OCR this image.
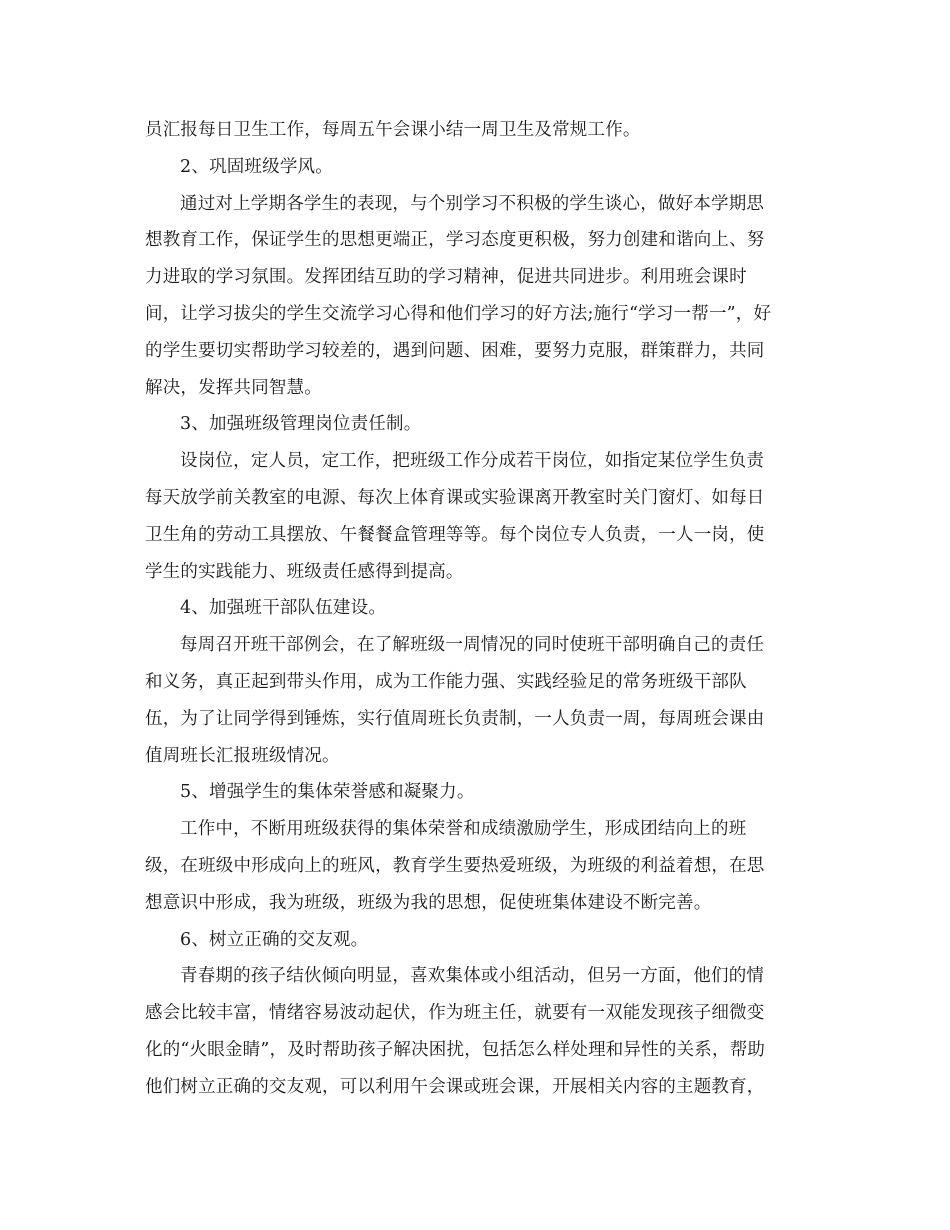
员汇报每日卫生工作，每周五午会课小结一周卫生及常规工作。
2、巩固班级学风。
通过对上学期各学生的表现，与个别学习不积极的学生谈心，做好本学期思
想教育工作，保证学生的思想更端正，学习态度更积极，努力创建和谐向上、努
力进取的学习氛围。发挥团结互助的学习精神，促进共同进步。利用班会课时
间，让学习拔尖的学生交流学习心得和他们学习的好方法;施行“学习一帮一”，好
的学生要切实帮助学习较差的，遇到问题、困难，要努力克服，群策群力，共同
解决，发挥共同智慧。
3、加强班级管理岗位责任制。
设岗位，定人员，定工作，把班级工作分成若干岗位，如指定某位学生负责
每天放学前关教室的电源、每次上体育课或实验课离开教室时关门窗灯、如每日
卫生角的劳动工具摆放、午餐餐盒管理等等。每个岗位专人负责，一人一岗，使
学生的实践能力、班级责任感得到提高。
4、加强班干部队伍建设。
每周召开班干部例会，在了解班级一周情况的同时使班干部明确自己的责任
和义务，真正起到带头作用，成为工作能力强、实践经验足的常务班级干部队
伍，为了让同学得到锤炼，实行值周班长负责制，一人负责一周，每周班会课由
值周班长汇报班级情况。
5、增强学生的集体荣誉感和凝聚力。
工作中，不断用班级获得的集体荣誉和成绩激励学生，形成团结向上的班
级，在班级中形成向上的班风，教育学生要热爱班级，为班级的利益着想，在思
想意识中形成，我为班级，班级为我的思想，促使班集体建设不断完善。
6、树立正确的交友观。
青春期的孩子结伙倾向明显，喜欢集体或小组活动，但另一方面，他们的情
感会比较丰富，情绪容易波动起伏，作为班主任，就要有一双能发现孩子细微变
化的“火眼金睛”，及时帮助孩子解决困扰，包括怎么样处理和异性的关系，帮助
他们树立正确的交友观，可以利用午会课或班会课，开展相关内容的主题教育，
